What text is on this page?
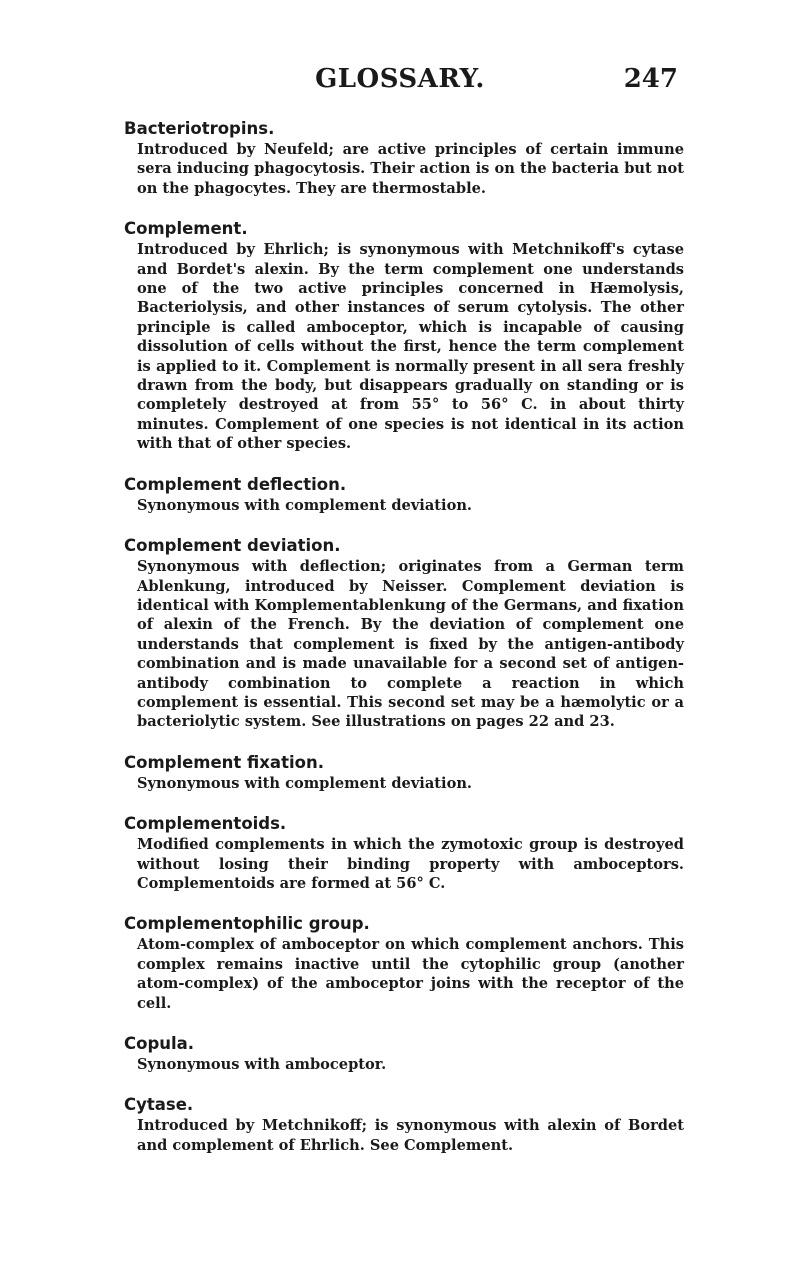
GLOSSARY.	247
Bacteriotropins.
Introduced by Neufeld; are active principles of certain immune sera inducing phagocytosis. Their action is on the bacteria but not on the phagocytes. They are thermostable.
Complement.
Introduced by Ehrlich; is synonymous with Metchnikoff's cytase and Bordet's alexin. By the term complement one understands one of the two active principles concerned in Hæmolysis, Bacteriolysis, and other instances of serum cytolysis. The other principle is called amboceptor, which is incapable of causing dissolution of cells without the first, hence the term complement is applied to it. Complement is normally present in all sera freshly drawn from the body, but disappears gradually on standing or is completely destroyed at from 55° to 56° C. in about thirty minutes. Complement of one species is not identical in its action with that of other species.
Complement deflection.
Synonymous with complement deviation.
Complement deviation.
Synonymous with deflection; originates from a German term Ablenkung, introduced by Neisser. Complement deviation is identical with Komplementablenkung of the Germans, and fixation of alexin of the French. By the deviation of complement one understands that complement is fixed by the antigen-antibody combination and is made unavailable for a second set of antigen-antibody combination to complete a reaction in which complement is essential. This second set may be a hæmolytic or a bacteriolytic system. See illustrations on pages 22 and 23.
Complement fixation.
Synonymous with complement deviation.
Complementoids.
Modified complements in which the zymotoxic group is destroyed without losing their binding property with amboceptors. Complementoids are formed at 56° C.
Complementophilic group.
Atom-complex of amboceptor on which complement anchors. This complex remains inactive until the cytophilic group (another atom-complex) of the amboceptor joins with the receptor of the cell.
Copula.
Synonymous with amboceptor.
Cytase.
Introduced by Metchnikoff; is synonymous with alexin of Bordet and complement of Ehrlich. See Complement.
